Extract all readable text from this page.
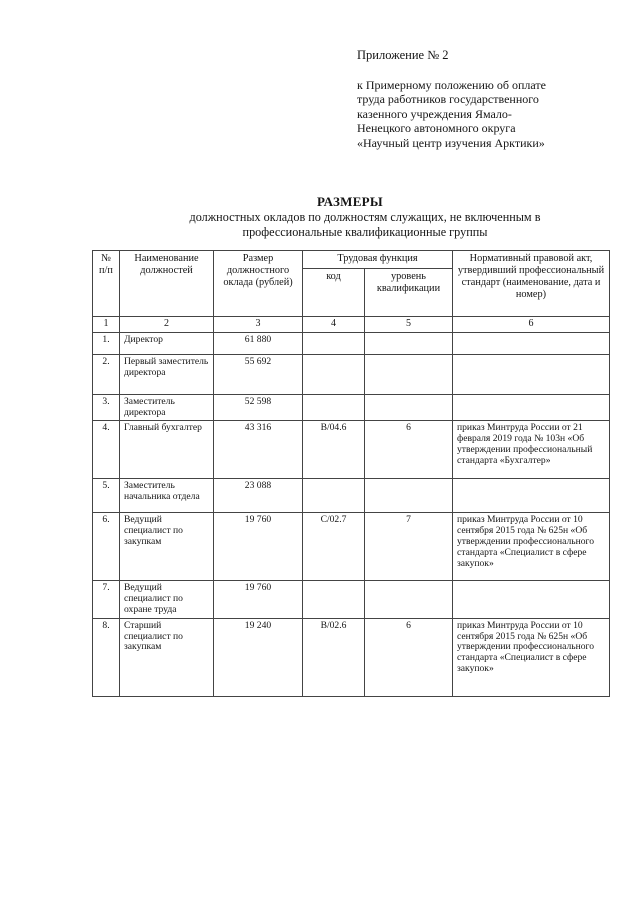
Приложение № 2
к Примерному положению об оплате
труда работников государственного
казенного учреждения Ямало-
Ненецкого автономного округа
«Научный центр изучения Арктики»
РАЗМЕРЫ
должностных окладов по должностям служащих, не включенным в
профессиональные квалификационные группы
№ п/п	Наименование должностей	Размер должностного оклада (рублей)	Трудовая функция		Нормативный правовой акт, утвердивший профессиональный стандарт (наименование, дата и номер)
			код	уровень квалификации	
1	2	3	4	5	6
1.	Директор	61 880			
2.	Первый заместитель директора	55 692			
3.	Заместитель директора	52 598			
4.	Главный бухгалтер	43 316	В/04.6	6	приказ Минтруда России от 21 февраля 2019 года № 103н «Об утверждении профессиональный стандарта «Бухгалтер»
5.	Заместитель начальника отдела	23 088			
6.	Ведущий специалист по закупкам	19 760	С/02.7	7	приказ Минтруда России от 10 сентября 2015 года № 625н «Об утверждении профессионального стандарта «Специалист в сфере закупок»
7.	Ведущий специалист по охране труда	19 760			
8.	Старший специалист по закупкам	19 240	В/02.6	6	приказ Минтруда России от 10 сентября 2015 года № 625н «Об утверждении профессионального стандарта «Специалист в сфере закупок»
